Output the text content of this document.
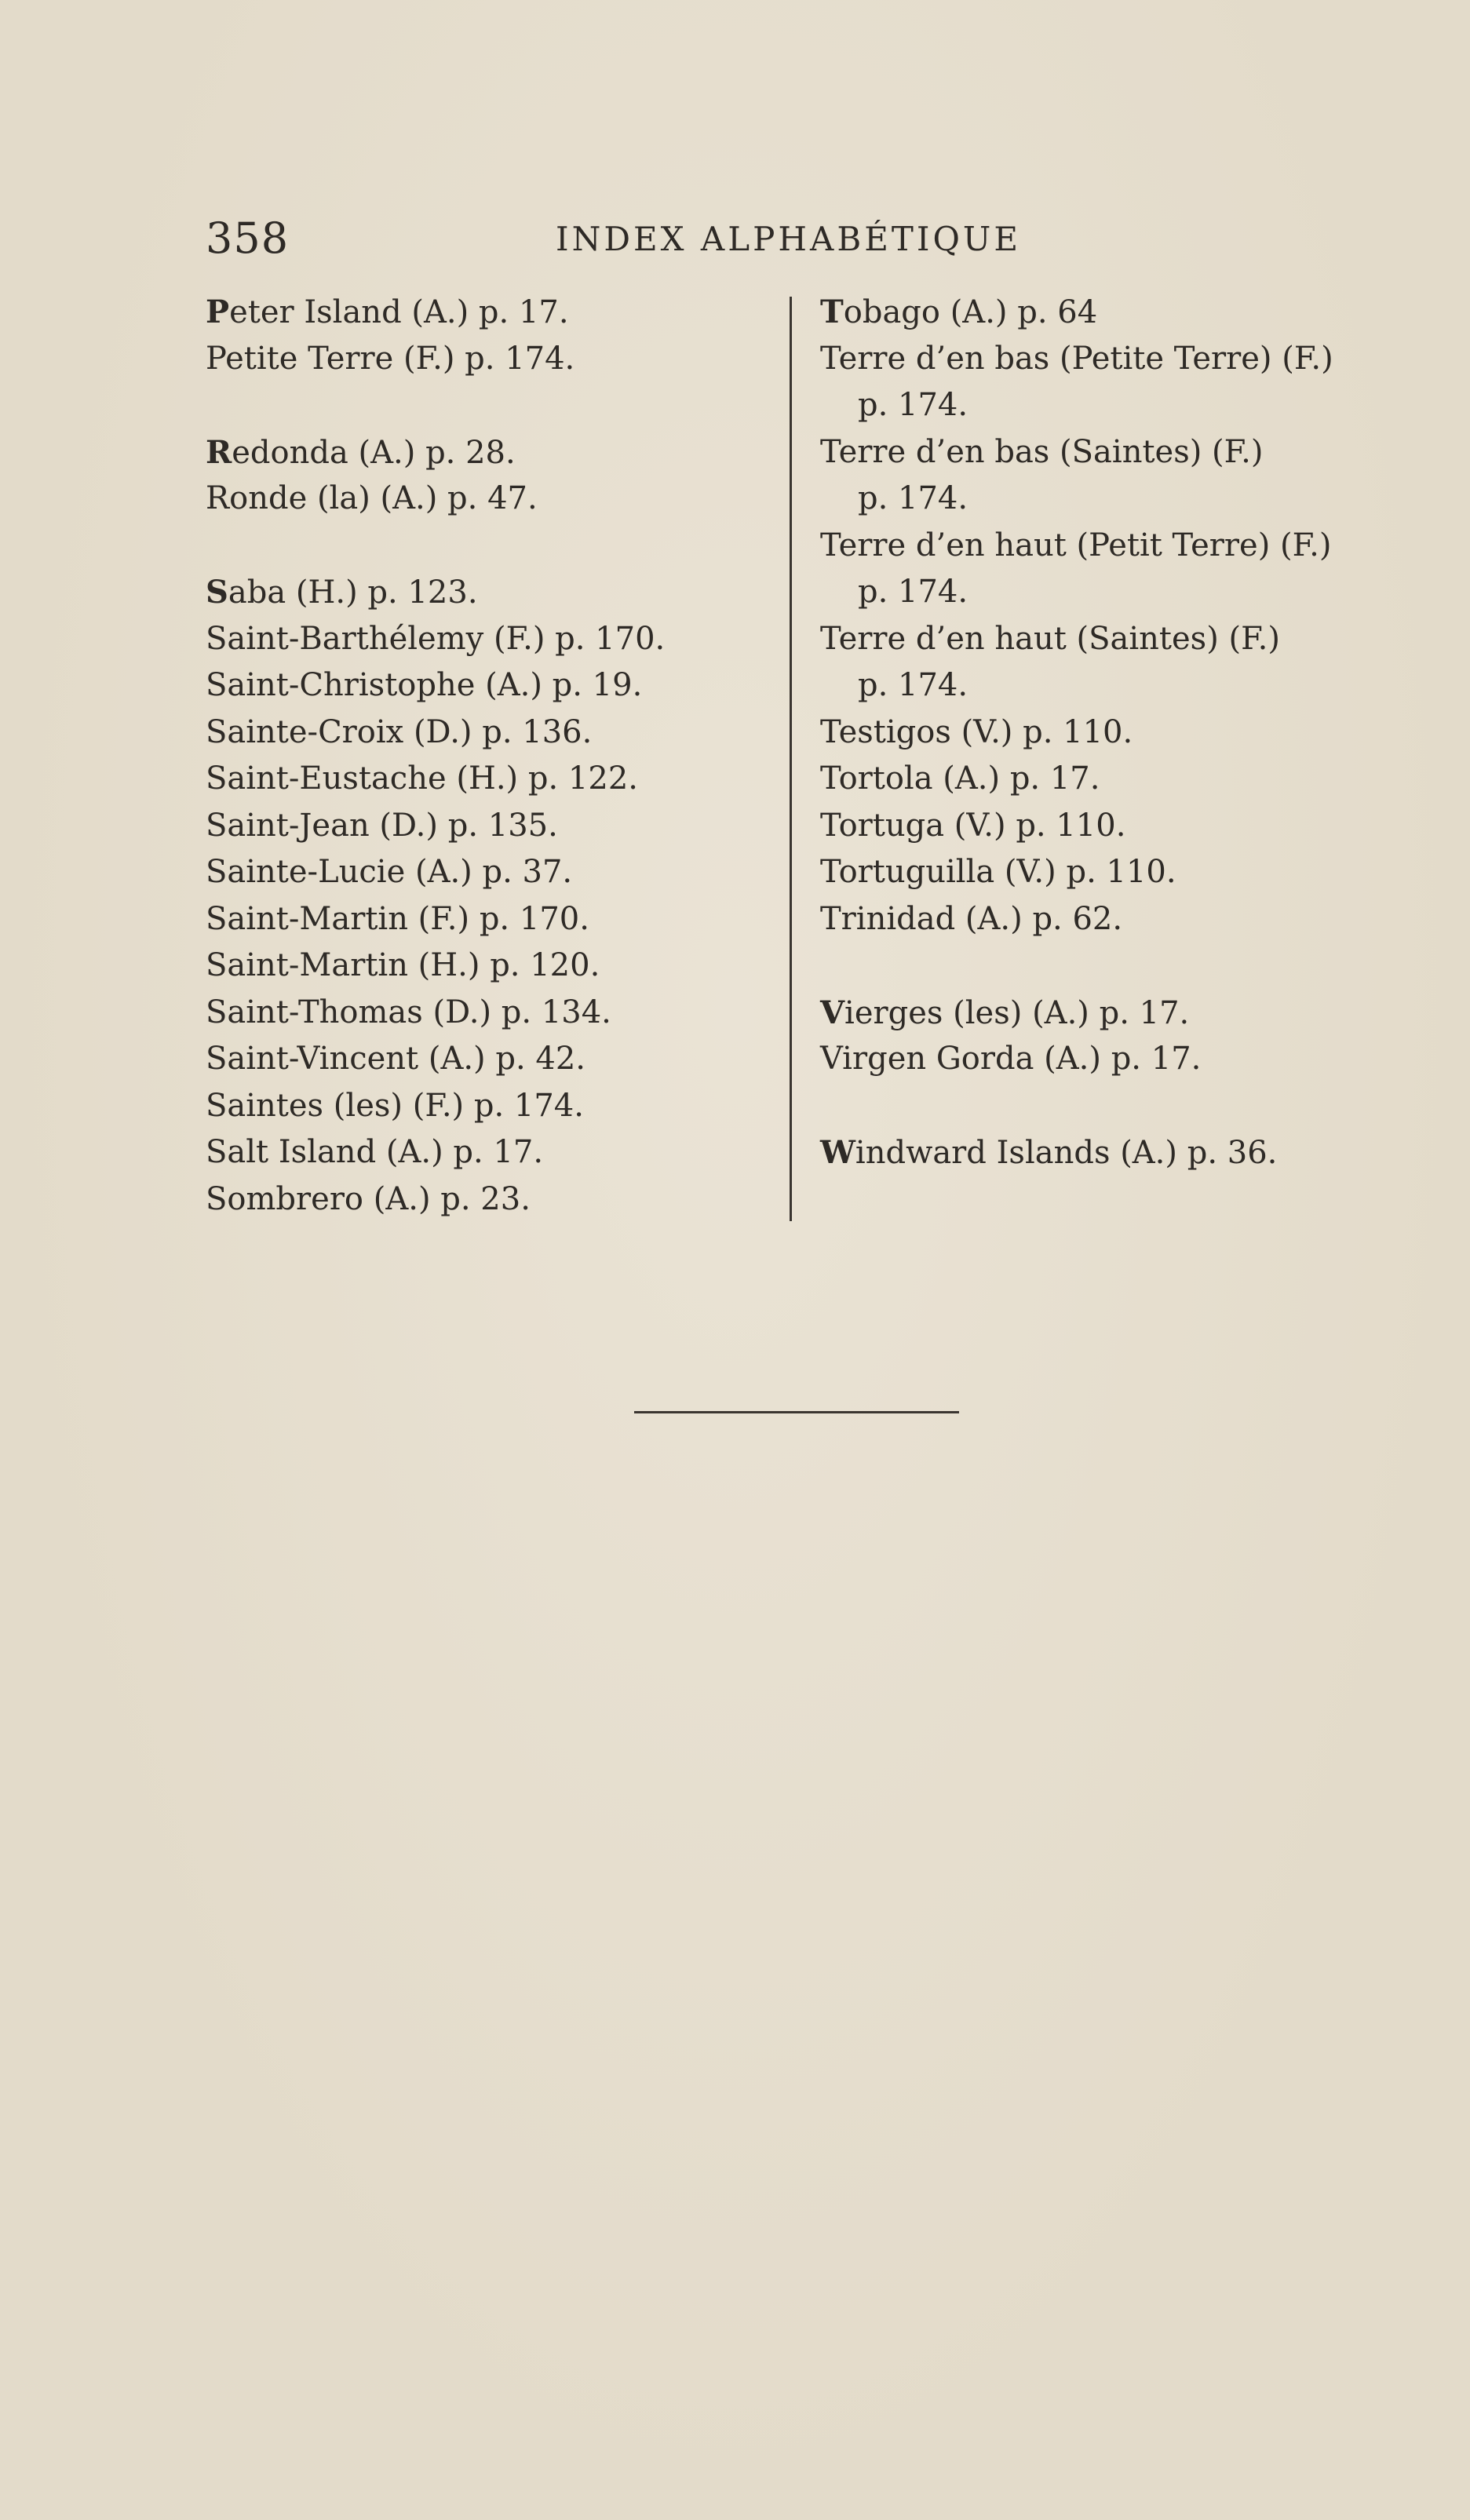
358	INDEX ALPHABÉTIQUE
Peter Island (A.) p. 17.
Petite Terre (F.) p. 174.
Redonda (A.) p. 28.
Ronde (la) (A.) p. 47.
Saba (H.) p. 123.
Saint-Barthélemy (F.) p. 170.
Saint-Christophe (A.) p. 19.
Sainte-Croix (D.) p. 136.
Saint-Eustache (H.) p. 122.
Saint-Jean (D.) p. 135.
Sainte-Lucie (A.) p. 37.
Saint-Martin (F.) p. 170.
Saint-Martin (H.) p. 120.
Saint-Thomas (D.) p. 134.
Saint-Vincent (A.) p. 42.
Saintes (les) (F.) p. 174.
Salt Island (A.) p. 17.
Sombrero (A.) p. 23.
Tobago (A.) p. 64
Terre d’en bas (Petite Terre) (F.)
p. 174.
Terre d’en bas (Saintes) (F.)
p. 174.
Terre d’en haut (Petit Terre) (F.)
p. 174.
Terre d’en haut (Saintes) (F.)
p. 174.
Testigos (V.) p. 110.
Tortola (A.) p. 17.
Tortuga (V.) p. 110.
Tortuguilla (V.) p. 110.
Trinidad (A.) p. 62.
Vierges (les) (A.) p. 17.
Virgen Gorda (A.) p. 17.
Windward Islands (A.) p. 36.
